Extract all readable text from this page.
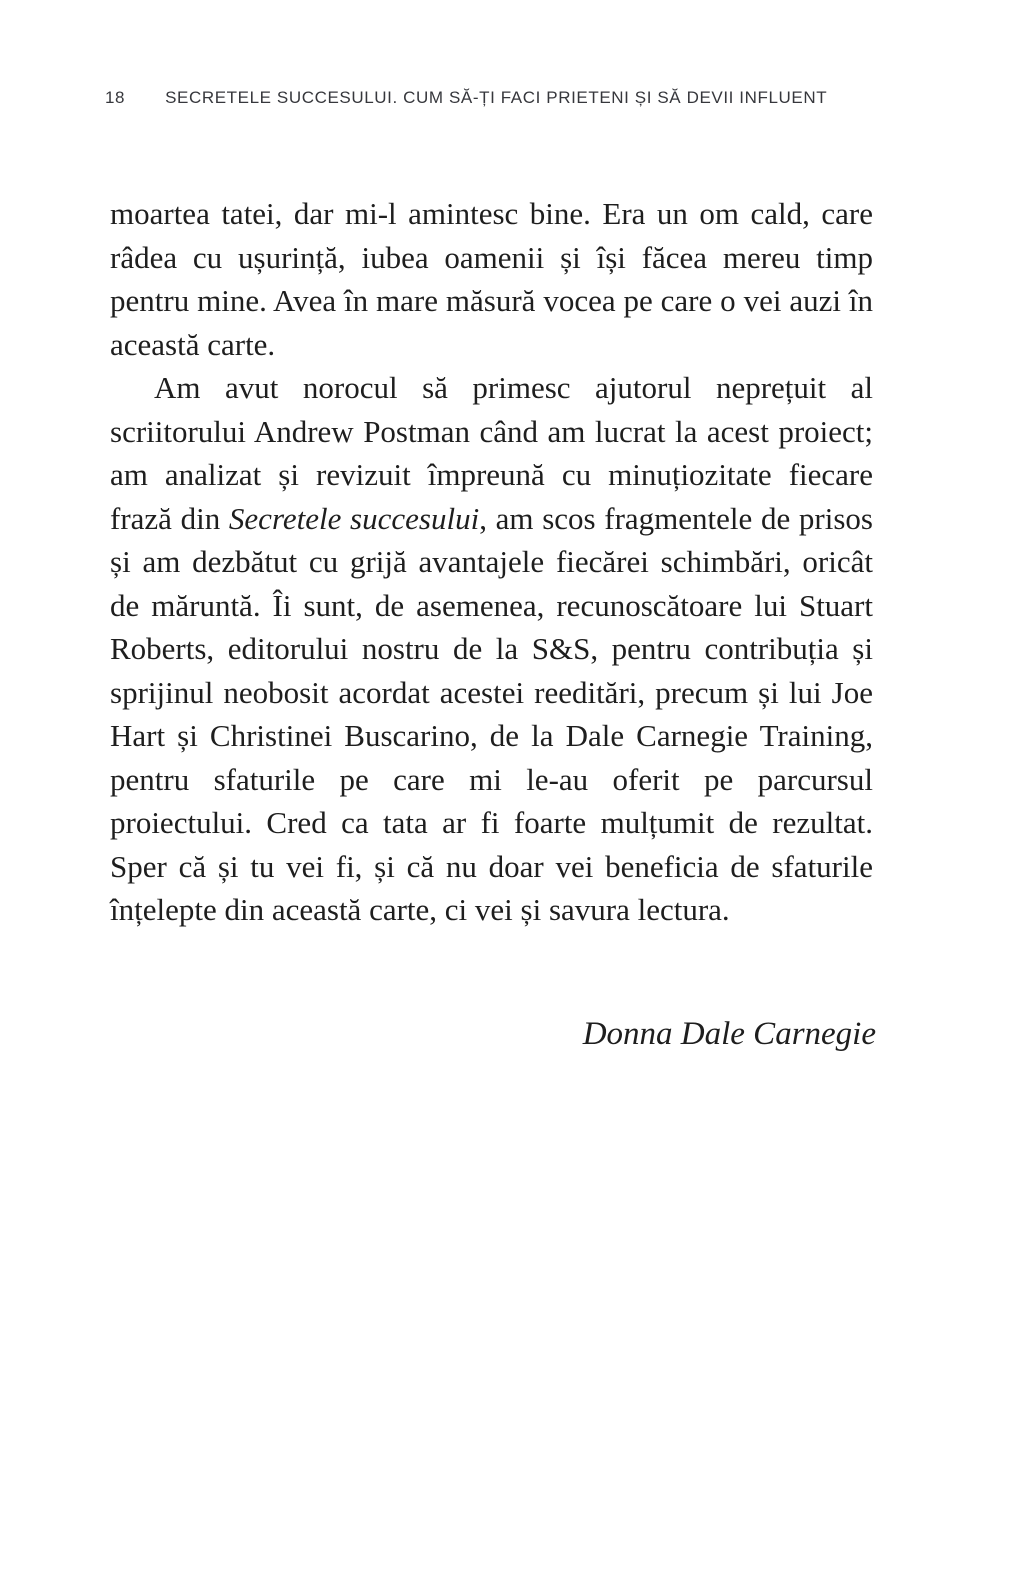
18 SECRETELE SUCCESULUI. CUM SĂ-ȚI FACI PRIETENI ȘI SĂ DEVII INFLUENT

moartea tatei, dar mi-l amintesc bine. Era un om cald, care râdea cu ușurință, iubea oamenii și își făcea mereu timp pentru mine. Avea în mare măsură vocea pe care o vei auzi în această carte.

Am avut norocul să primesc ajutorul neprețuit al scriitorului Andrew Postman când am lucrat la acest proiect; am analizat și revizuit împreună cu minuțiozitate fiecare frază din Secretele succesului, am scos fragmentele de prisos și am dezbătut cu grijă avantajele fiecărei schimbări, oricât de măruntă. Îi sunt, de asemenea, recunoscătoare lui Stuart Roberts, editorului nostru de la S&S, pentru contribuția și sprijinul neobosit acordat acestei reeditări, precum și lui Joe Hart și Christinei Buscarino, de la Dale Carnegie Training, pentru sfaturile pe care mi le-au oferit pe parcursul proiectului. Cred ca tata ar fi foarte mulțumit de rezultat. Sper că și tu vei fi, și că nu doar vei beneficia de sfaturile înțelepte din această carte, ci vei și savura lectura.

Donna Dale Carnegie
